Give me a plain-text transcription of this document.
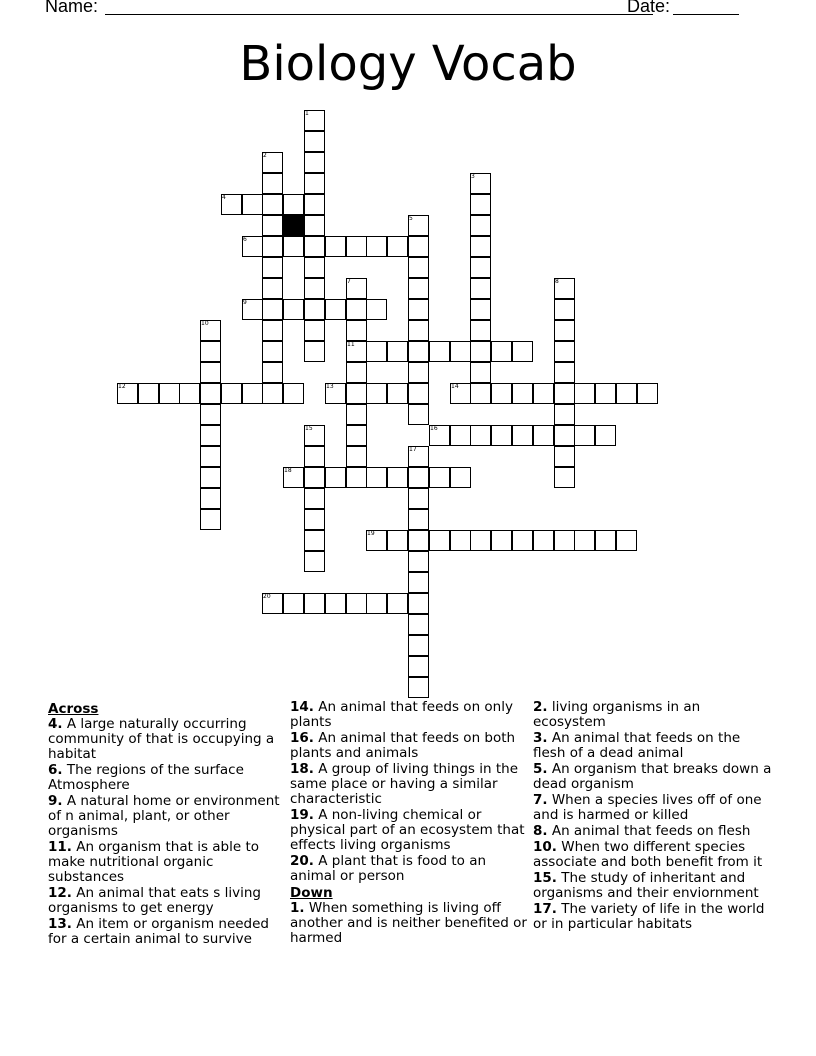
Name:	Date:
Biology Vocab
1
2
3
4
5
6
7	8
9
10
11
12	13	14
15	16
17
18
19
20
Across
4. A large naturally occurring community of that is occupying a habitat
6. The regions of the surface Atmosphere
9. A natural home or environment of n animal, plant, or other organisms
11. An organism that is able to make nutritional organic substances
12. An animal that eats s living organisms to get energy
13. An item or organism needed for a certain animal to survive
14. An animal that feeds on only plants
16. An animal that feeds on both plants and animals
18. A group of living things in the same place or having a similar characteristic
19. A non-living chemical or physical part of an ecosystem that effects living organisms
20. A plant that is food to an animal or person
Down
1. When something is living off another and is neither benefited or harmed
2. living organisms in an ecosystem
3. An animal that feeds on the flesh of a dead animal
5. An organism that breaks down a dead organism
7. When a species lives off of one and is harmed or killed
8. An animal that feeds on flesh
10. When two different species associate and both benefit from it
15. The study of inheritant and organisms and their enviornment
17. The variety of life in the world or in particular habitats
